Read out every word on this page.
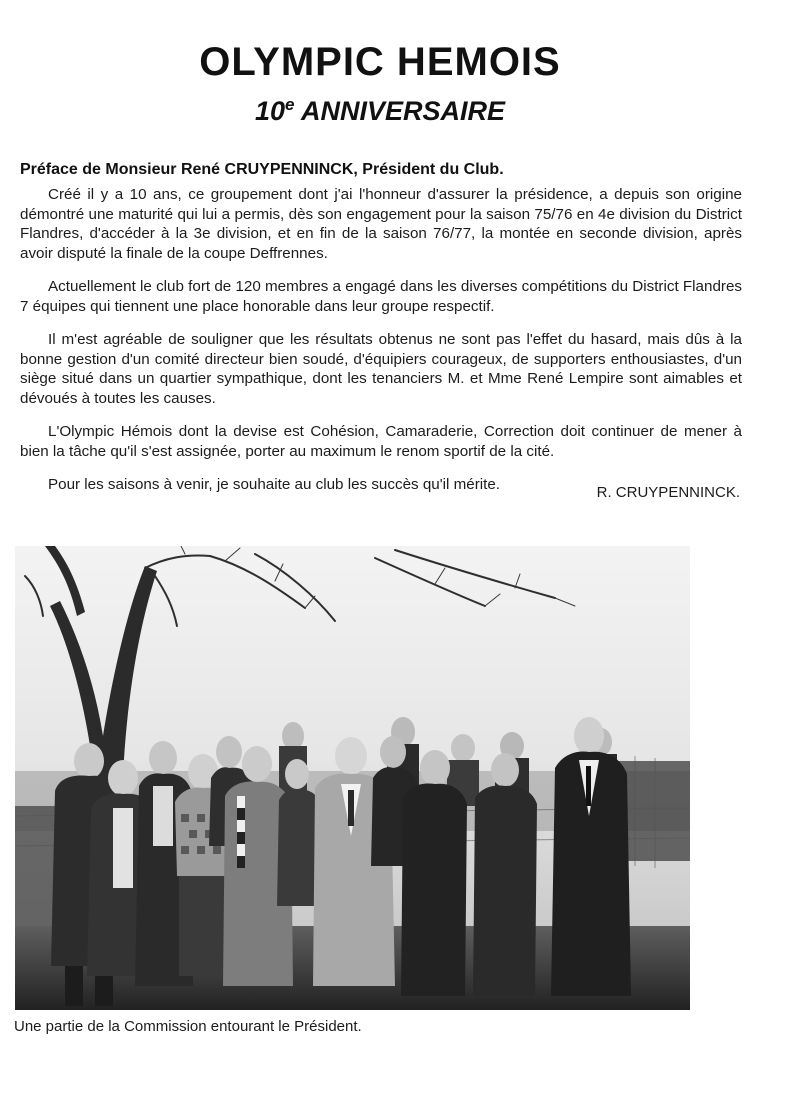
OLYMPIC HEMOIS
10e ANNIVERSAIRE
Préface de Monsieur René CRUYPENNINCK, Président du Club.

Créé il y a 10 ans, ce groupement dont j'ai l'honneur d'assurer la présidence, a depuis son origine démontré une maturité qui lui a permis, dès son engagement pour la saison 75/76 en 4e division du District Flandres, d'accéder à la 3e division, et en fin de la saison 76/77, la montée en seconde division, après avoir disputé la finale de la coupe Deffrennes.

Actuellement le club fort de 120 membres a engagé dans les diverses compétitions du District Flandres 7 équipes qui tiennent une place honorable dans leur groupe respectif.

Il m'est agréable de souligner que les résultats obtenus ne sont pas l'effet du hasard, mais dûs à la bonne gestion d'un comité directeur bien soudé, d'équipiers courageux, de supporters enthousiastes, d'un siège situé dans un quartier sympathique, dont les tenanciers M. et Mme René Lempire sont aimables et dévoués à toutes les causes.

L'Olympic Hémois dont la devise est Cohésion, Camaraderie, Correction doit continuer de mener à bien la tâche qu'il s'est assignée, porter au maximum le renom sportif de la cité.

Pour les saisons à venir, je souhaite au club les succès qu'il mérite.	R. CRUYPENNINCK.

Une partie de la Commission entourant le Président.
